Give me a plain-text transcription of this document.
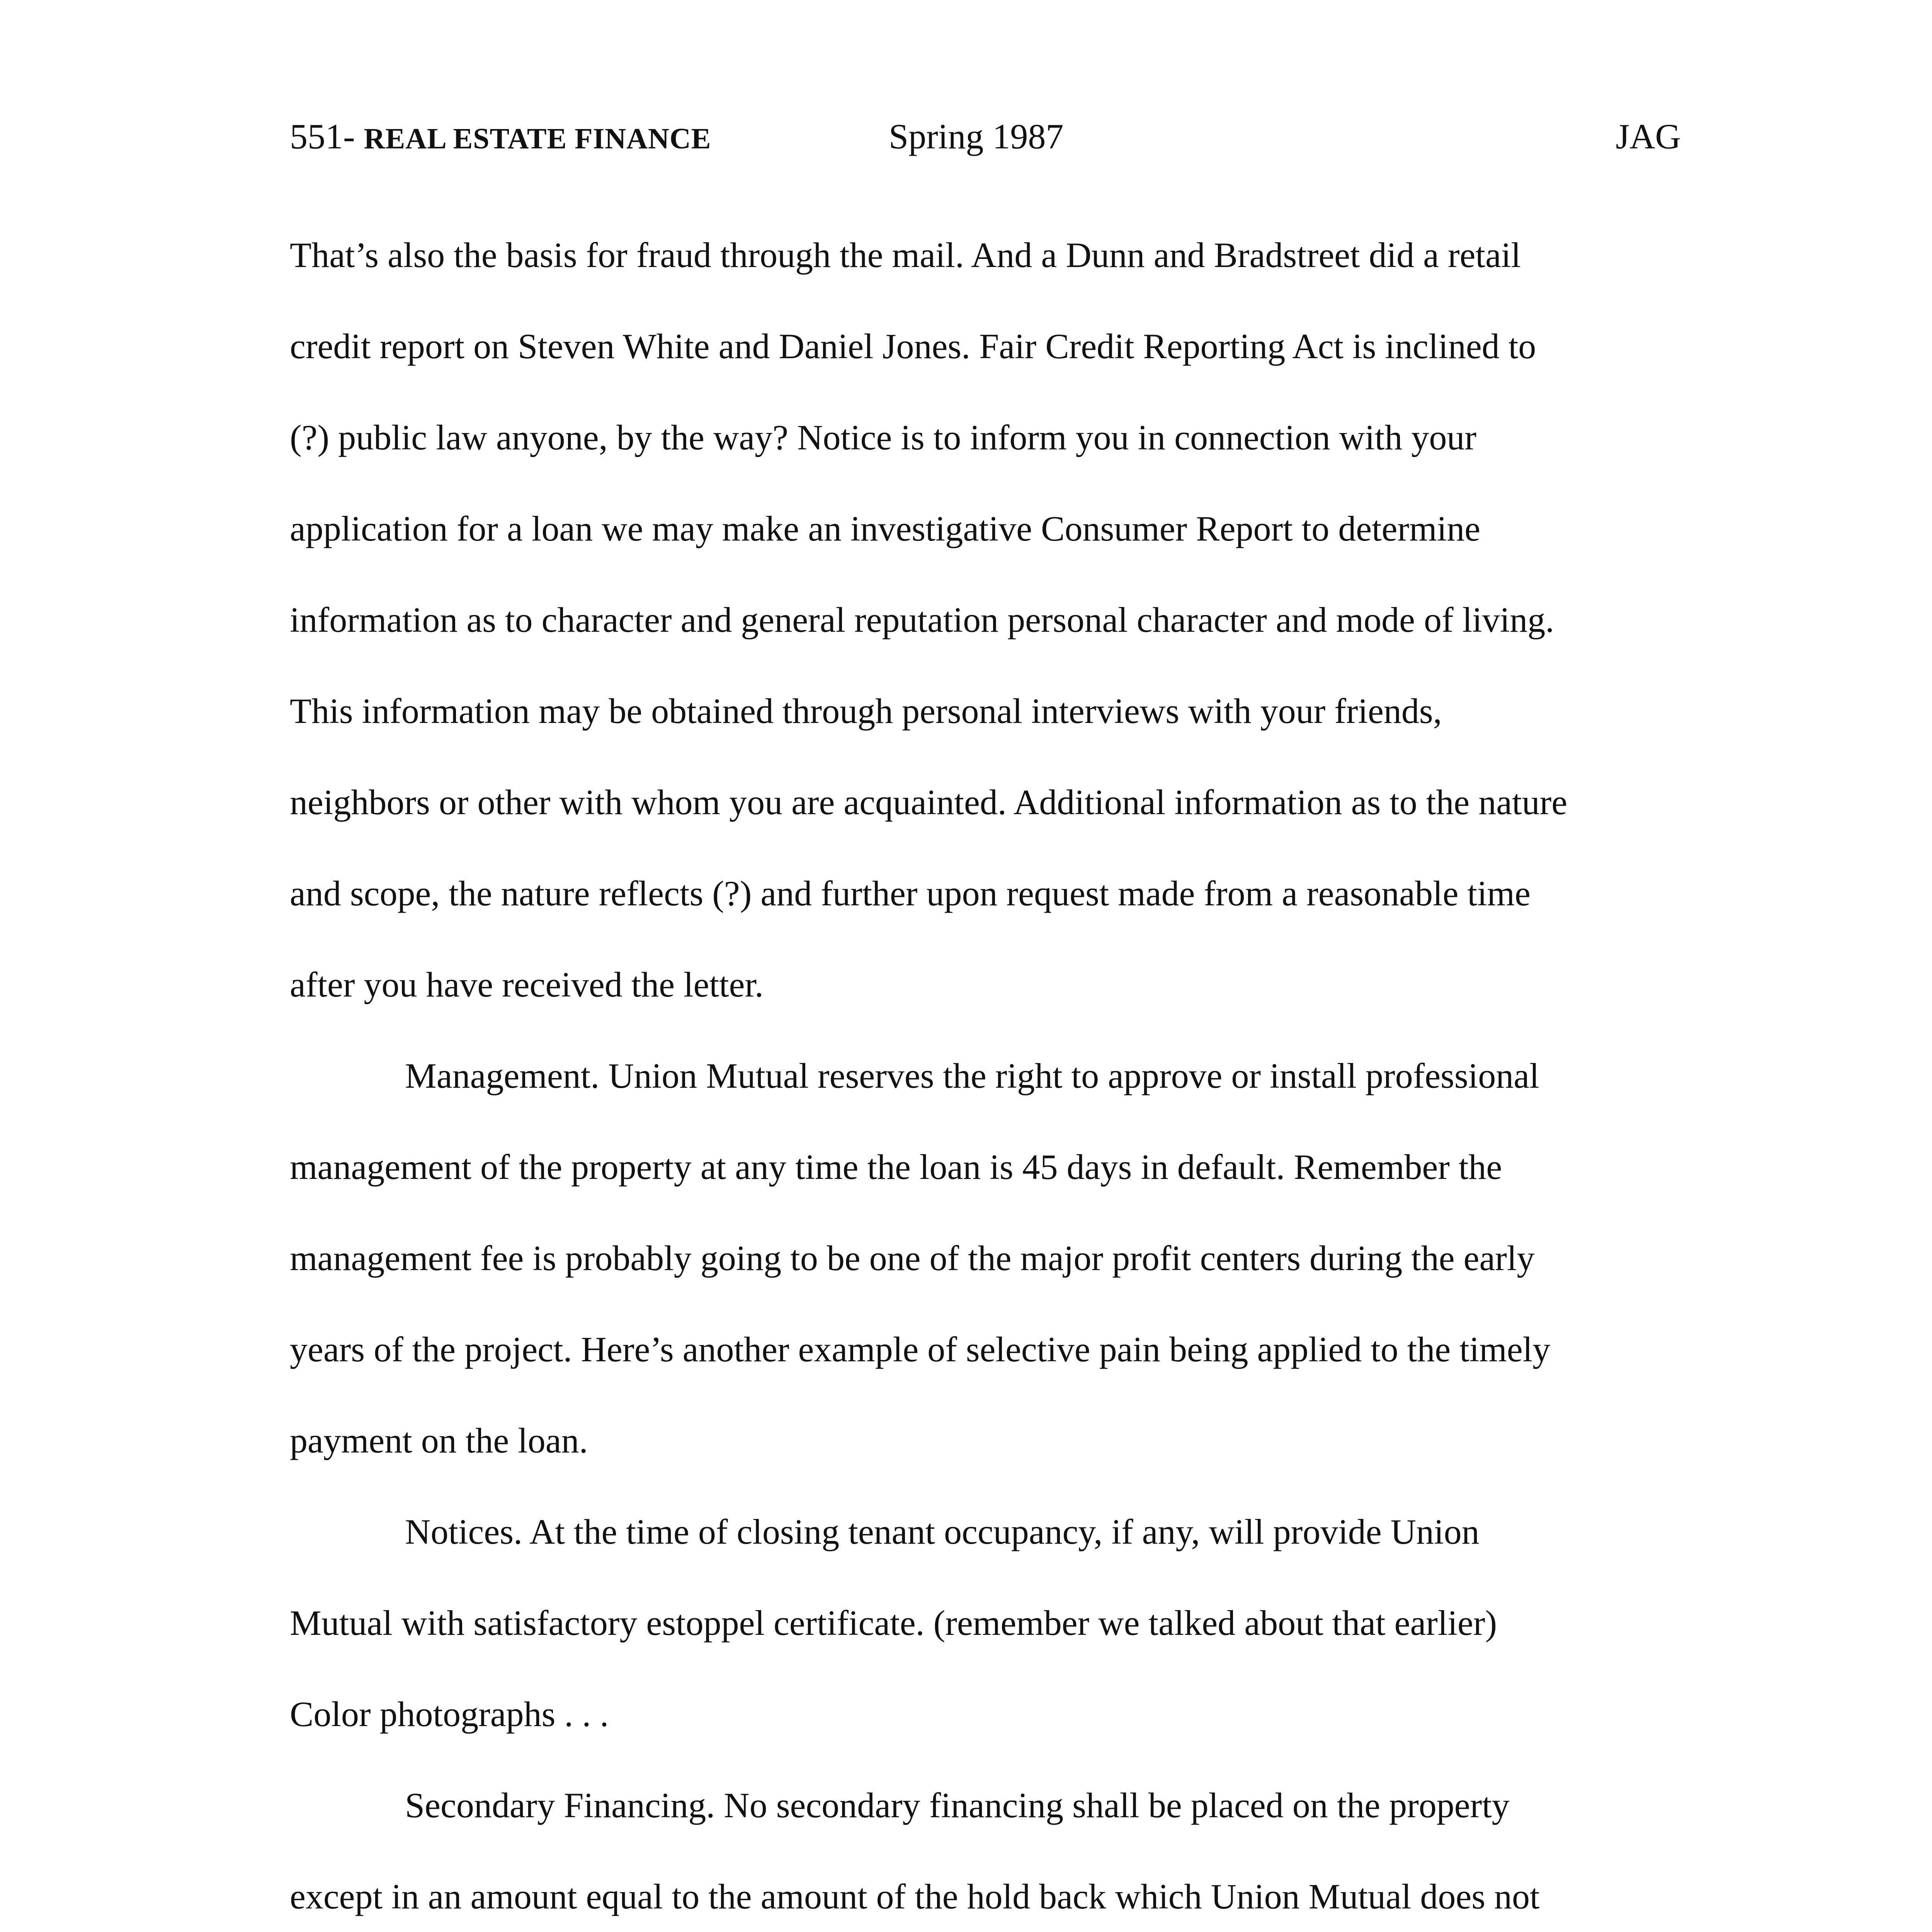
551- REAL ESTATE FINANCE	Spring 1987	JAG
That’s also the basis for fraud through the mail. And a Dunn and Bradstreet did a retail
credit report on Steven White and Daniel Jones. Fair Credit Reporting Act is inclined to
(?) public law anyone, by the way? Notice is to inform you in connection with your
application for a loan we may make an investigative Consumer Report to determine
information as to character and general reputation personal character and mode of living.
This information may be obtained through personal interviews with your friends,
neighbors or other with whom you are acquainted. Additional information as to the nature
and scope, the nature reflects (?) and further upon request made from a reasonable time
after you have received the letter.
Management. Union Mutual reserves the right to approve or install professional
management of the property at any time the loan is 45 days in default. Remember the
management fee is probably going to be one of the major profit centers during the early
years of the project. Here’s another example of selective pain being applied to the timely
payment on the loan.
Notices. At the time of closing tenant occupancy, if any, will provide Union
Mutual with satisfactory estoppel certificate. (remember we talked about that earlier)
Color photographs . . .
Secondary Financing. No secondary financing shall be placed on the property
except in an amount equal to the amount of the hold back which Union Mutual does not
